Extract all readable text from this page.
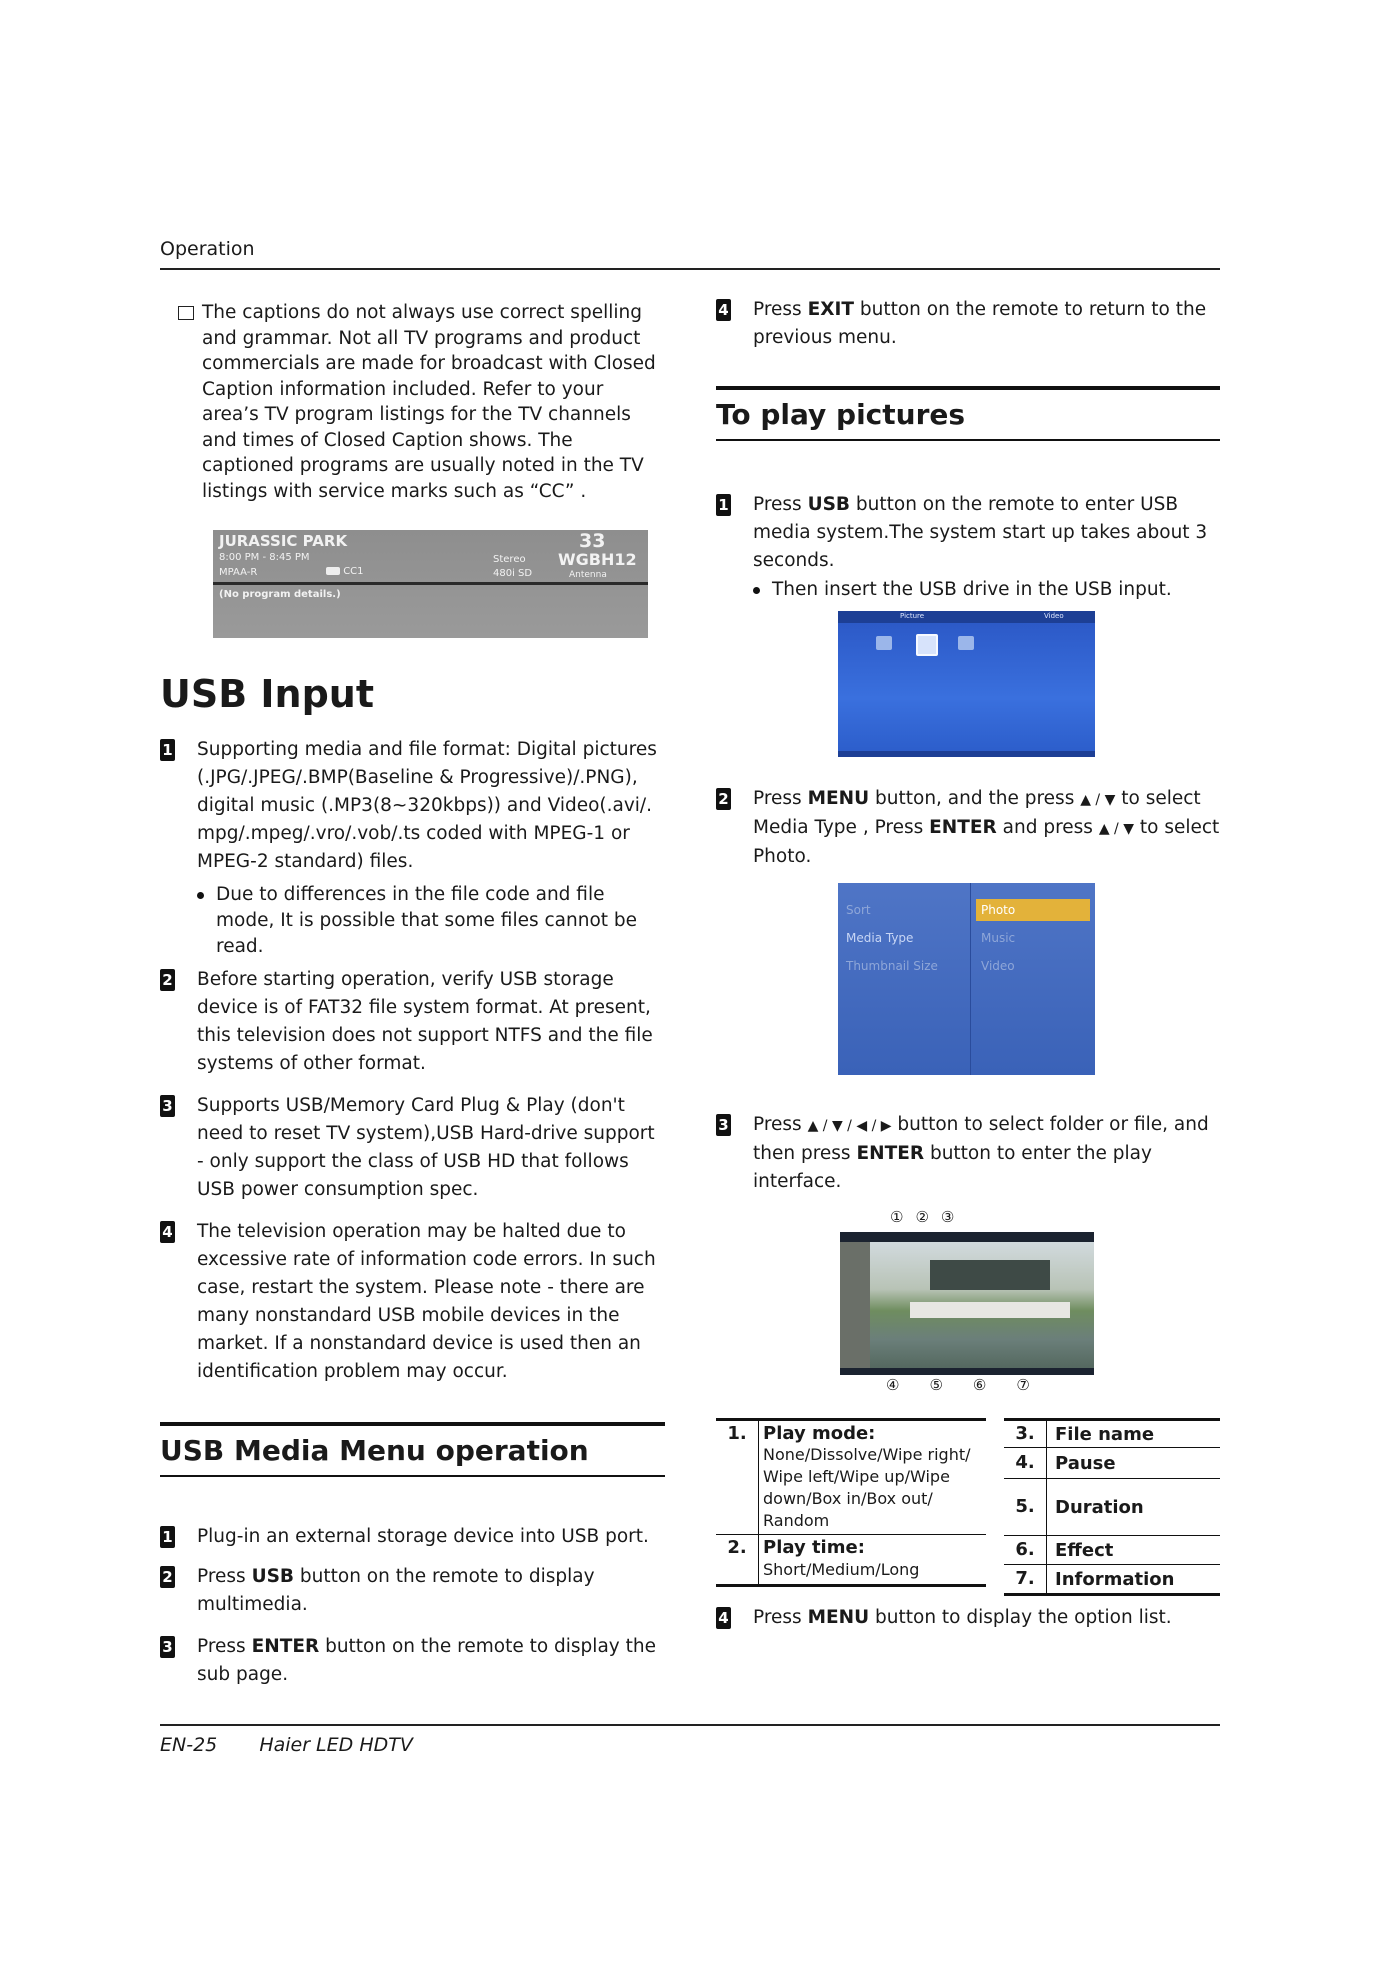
Operation

The captions do not always use correct spelling and grammar. Not all TV programs and product commercials are made for broadcast with Closed Caption information included. Refer to your area’s TV program listings for the TV channels and times of Closed Caption shows. The captioned programs are usually noted in the TV listings with service marks such as “CC” .

JURASSIC PARK
8:00 PM - 8:45 PM
MPAA-R	CC1
Stereo
480i SD
33
WGBH12
Antenna
(No program details.)
USB Input
1 Supporting media and file format: Digital pictures (.JPG/.JPEG/.BMP(Baseline & Progressive)/.PNG), digital music (.MP3(8~320kbps)) and Video(.avi/. mpg/.mpeg/.vro/.vob/.ts coded with MPEG-1 or MPEG-2 standard) files.

Due to differences in the file code and file mode, It is possible that some files cannot be read.

2 Before starting operation, verify USB storage device is of FAT32 file system format. At present, this television does not support NTFS and the file systems of other format.

3 Supports USB/Memory Card Plug & Play (don't need to reset TV system),USB Hard-drive support - only support the class of USB HD that follows USB power consumption spec.

4 The television operation may be halted due to excessive rate of information code errors. In such case, restart the system. Please note - there are many nonstandard USB mobile devices in the market. If a nonstandard device is used then an identification problem may occur.

USB Media Menu operation
1 Plug-in an external storage device into USB port.

2 Press USB button on the remote to display multimedia.

3 Press ENTER button on the remote to display the sub page.

4 Press EXIT button on the remote to return to the previous menu.

To play pictures
1 Press USB button on the remote to enter USB media system.The system start up takes about 3 seconds.

Then insert the USB drive in the USB input.

Picture	Video
2 Press MENU button, and the press ▲ / ▼ to select Media Type , Press ENTER and press ▲ / ▼ to select Photo.

Sort
Media Type
Thumbnail Size
Photo
Music
Video
3 Press ▲ / ▼ / ◀ / ▶ button to select folder or file, and then press ENTER button to enter the play interface.

①②③
④⑤⑥⑦
1. Play mode:
None/Dissolve/Wipe right/ Wipe left/Wipe up/Wipe down/Box in/Box out/ Random
2. Play time:
Short/Medium/Long
3.	File name
4.	Pause
5.	Duration
6.	Effect
7.	Information
4 Press MENU button to display the option list.

EN-25 Haier LED HDTV
